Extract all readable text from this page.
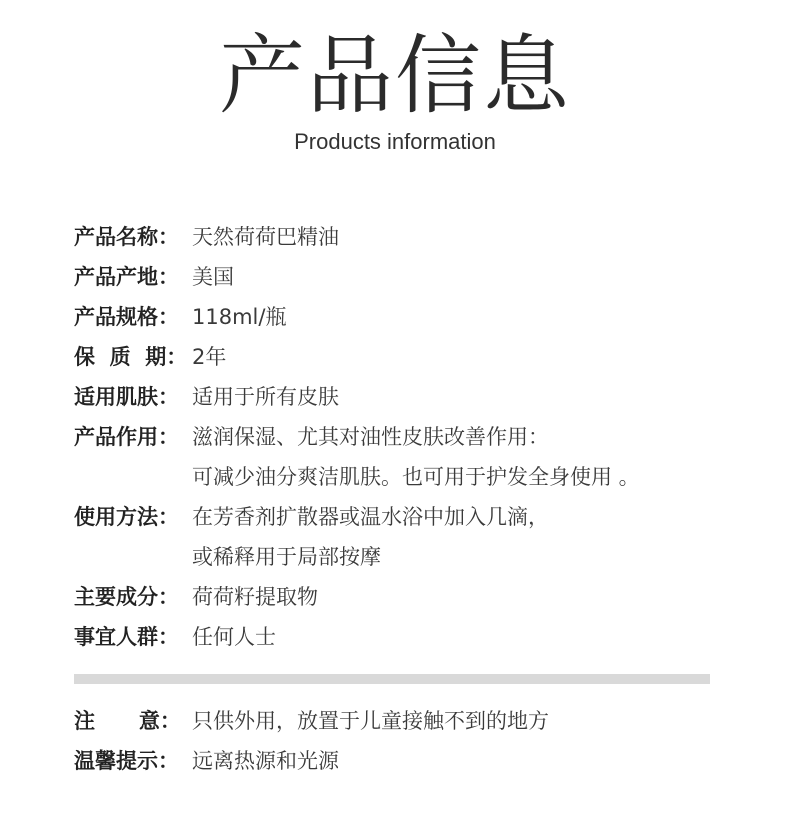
产品信息
Products information
产品名称： 天然荷荷巴精油
产品产地： 美国
产品规格： 118ml/瓶
保  质  期： 2年
适用肌肤： 适用于所有皮肤
产品作用： 滋润保湿、尤其对油性皮肤改善作用：
可减少油分爽洁肌肤。也可用于护发全身使用 。
使用方法： 在芳香剂扩散器或温水浴中加入几滴，
或稀释用于局部按摩
主要成分： 荷荷籽提取物
事宜人群： 任何人士
注      意： 只供外用，放置于儿童接触不到的地方
温馨提示： 远离热源和光源
